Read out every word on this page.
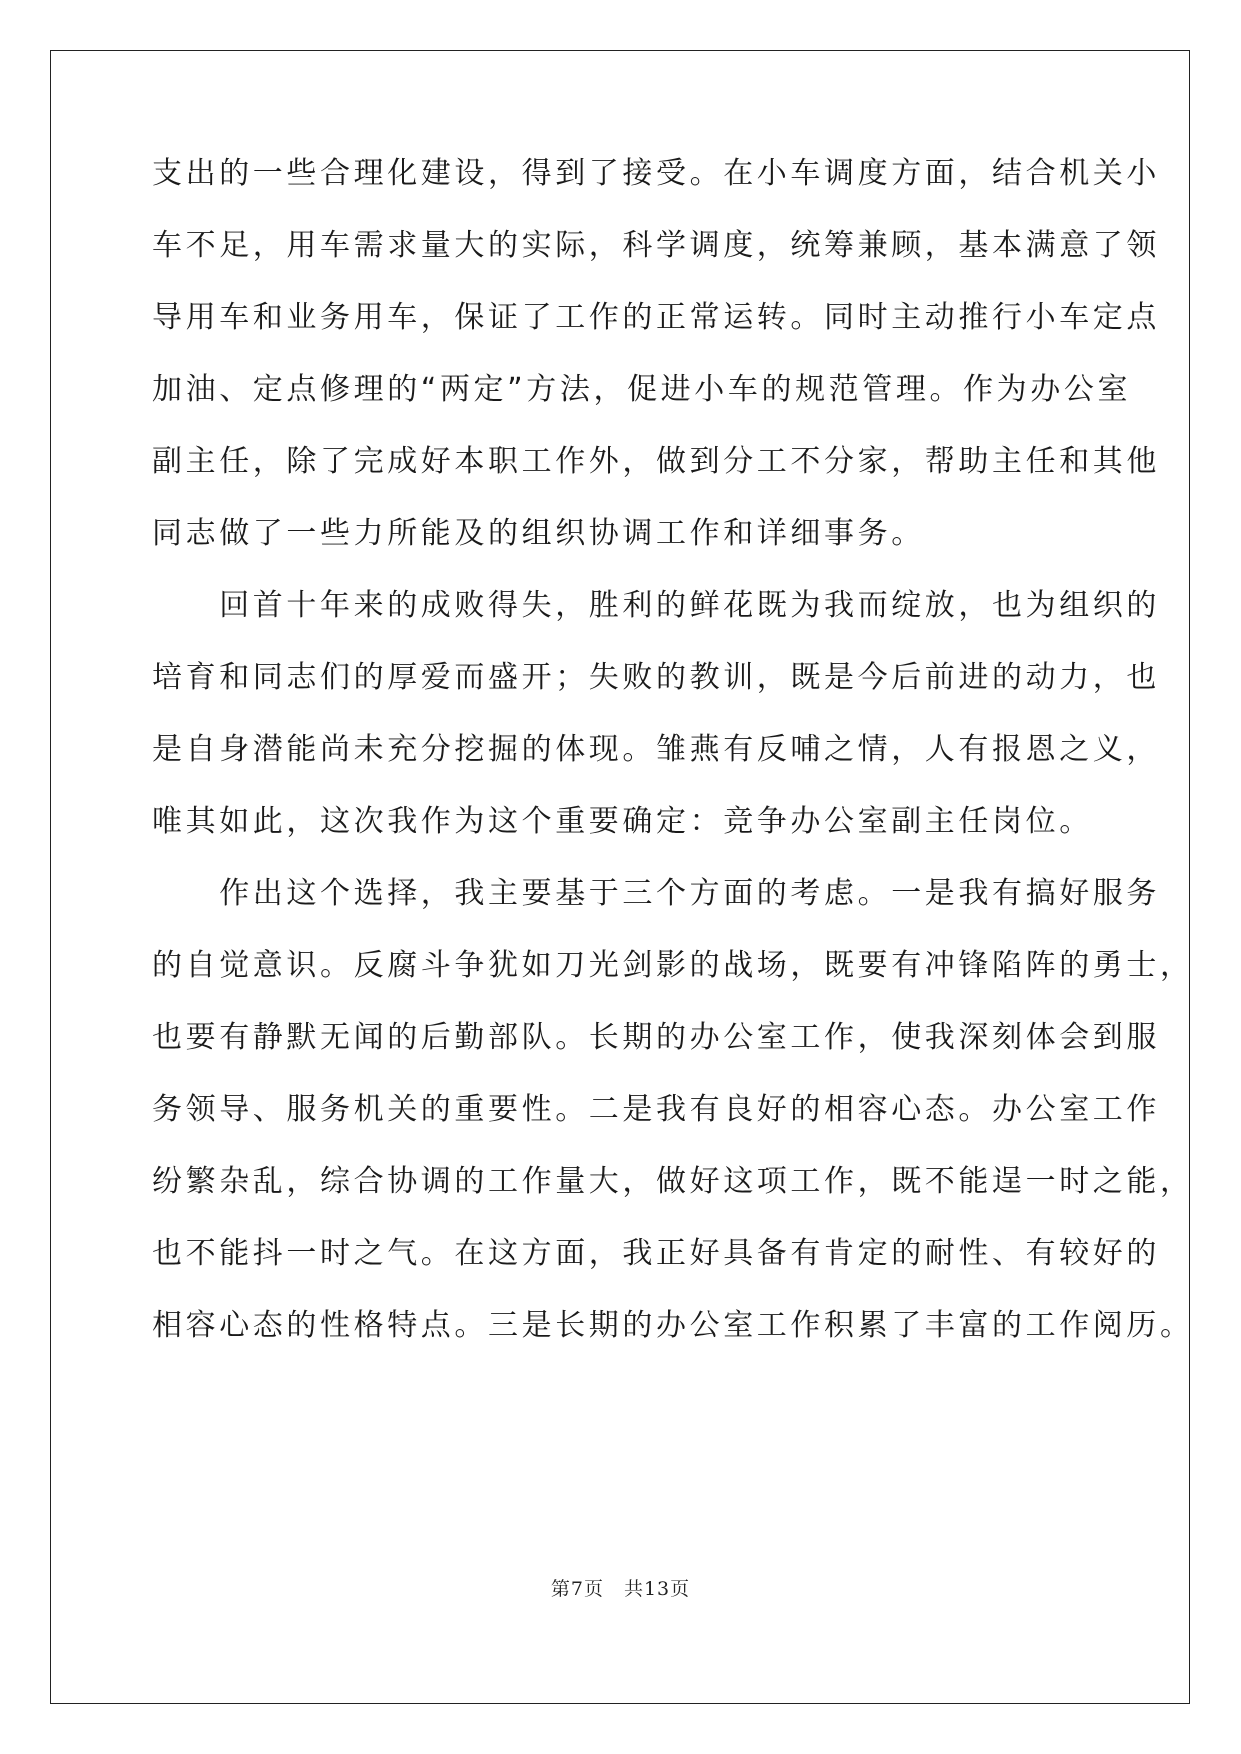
支出的一些合理化建设，得到了接受。在小车调度方面，结合机关小
车不足，用车需求量大的实际，科学调度，统筹兼顾，基本满意了领
导用车和业务用车，保证了工作的正常运转。同时主动推行小车定点
加油、定点修理的“两定”方法，促进小车的规范管理。作为办公室
副主任，除了完成好本职工作外，做到分工不分家，帮助主任和其他
同志做了一些力所能及的组织协调工作和详细事务。
　　回首十年来的成败得失，胜利的鲜花既为我而绽放，也为组织的
培育和同志们的厚爱而盛开；失败的教训，既是今后前进的动力，也
是自身潜能尚未充分挖掘的体现。雏燕有反哺之情，人有报恩之义，
唯其如此，这次我作为这个重要确定：竞争办公室副主任岗位。
　　作出这个选择，我主要基于三个方面的考虑。一是我有搞好服务
的自觉意识。反腐斗争犹如刀光剑影的战场，既要有冲锋陷阵的勇士，
也要有静默无闻的后勤部队。长期的办公室工作，使我深刻体会到服
务领导、服务机关的重要性。二是我有良好的相容心态。办公室工作
纷繁杂乱，综合协调的工作量大，做好这项工作，既不能逞一时之能，
也不能抖一时之气。在这方面，我正好具备有肯定的耐性、有较好的
相容心态的性格特点。三是长期的办公室工作积累了丰富的工作阅历。
第7页　共13页
